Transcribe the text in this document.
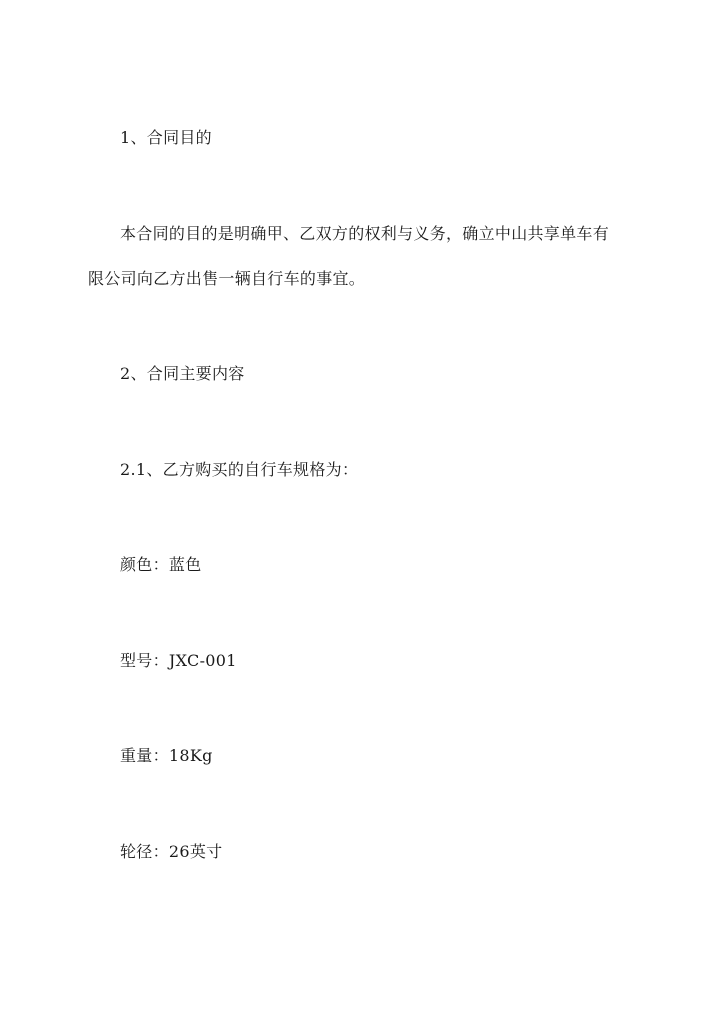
1、合同目的
本合同的目的是明确甲、乙双方的权利与义务，确立中山共享单车有
限公司向乙方出售一辆自行车的事宜。
2、合同主要内容
2.1、乙方购买的自行车规格为：
颜色：蓝色
型号：JXC-001
重量：18Kg
轮径：26英寸
